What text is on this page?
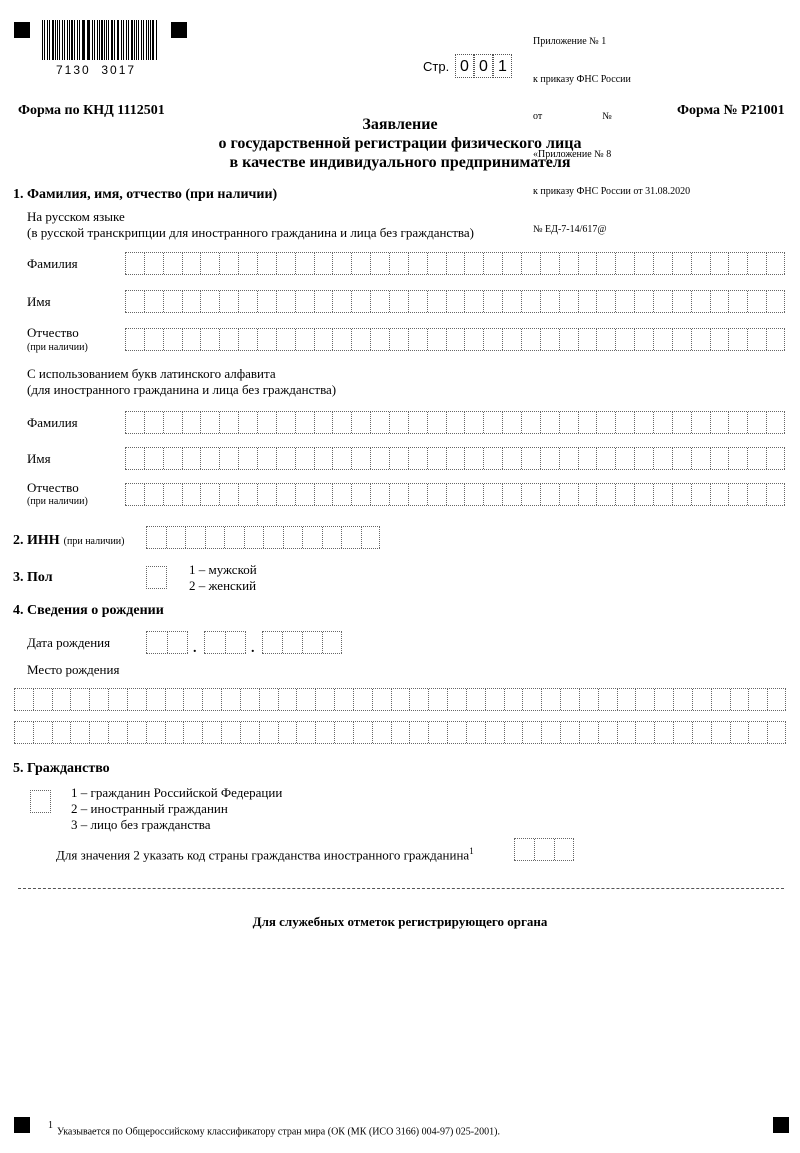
7130  3017	Стр. 0 0 1

Приложение № 1

к приказу ФНС России

от                        №

«Приложение № 8

к приказу ФНС России от 31.08.2020

№ ЕД-7-14/617@

Форма по КНД 1112501	Форма № Р21001
Заявление
о государственной регистрации физического лица
в качестве индивидуального предпринимателя
1. Фамилия, имя, отчество (при наличии)
На русском языке
(в русской транскрипции для иностранного гражданина и лица без гражданства)
Фамилия
Имя
Отчество
(при наличии)
С использованием букв латинского алфавита
(для иностранного гражданина и лица без гражданства)
Фамилия
Имя
Отчество
(при наличии)
2. ИНН (при наличии)
3. Пол
1 – мужской
2 – женский
4. Сведения о рождении
Дата рождения	.	.
Место рождения
5. Гражданство
1 – гражданин Российской Федерации
2 – иностранный гражданин
3 – лицо без гражданства
Для значения 2 указать код страны гражданства иностранного гражданина$^1$
Для служебных отметок регистрирующего органа
$^1$ Указывается по Общероссийскому классификатору стран мира (ОК (МК (ИСО 3166) 004-97) 025-2001).
